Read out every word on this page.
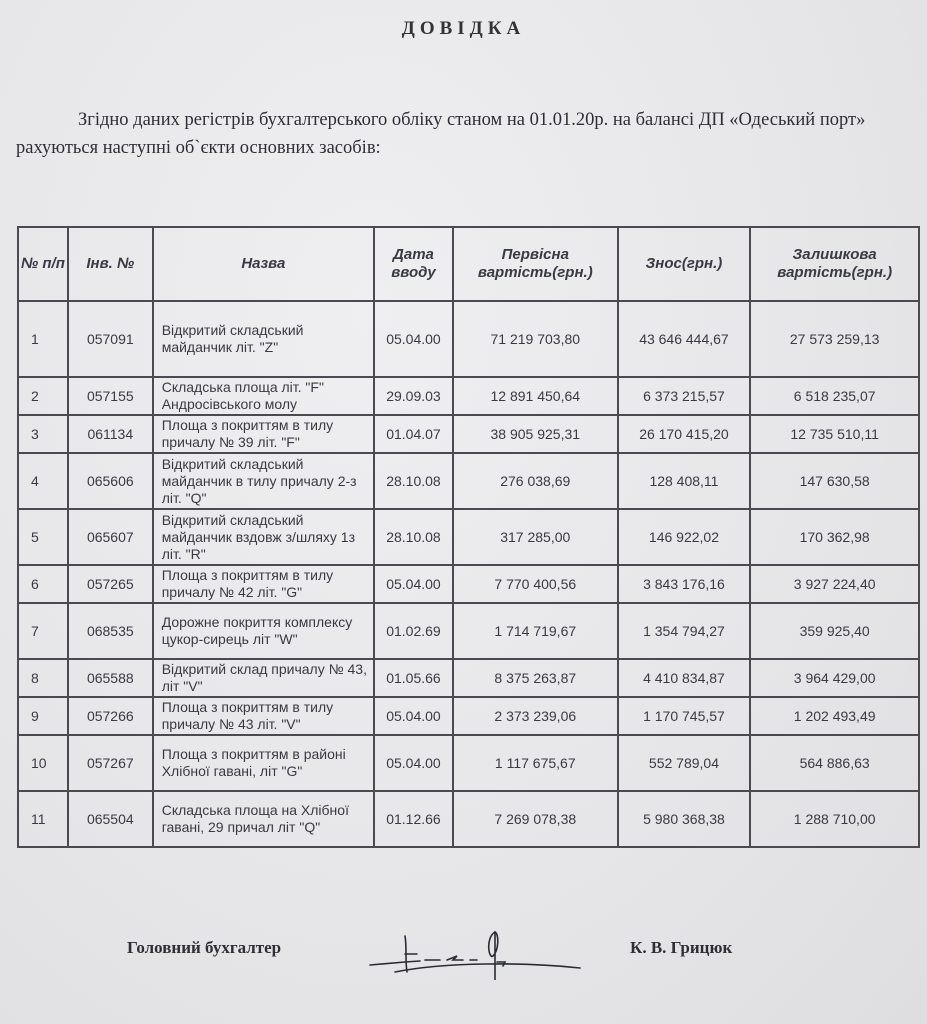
ДОВІДКА
Згідно даних регістрів бухгалтерського обліку станом на 01.01.20р. на балансі ДП «Одеський порт» рахуються наступні об`єкти основних засобів:
№ п/п	Інв. №	Назва	Дата вводу	Первісна вартість(грн.)	Знос(грн.)	Залишкова вартість(грн.)
1	057091	Відкритий складський майданчик літ. "Z"	05.04.00	71 219 703,80	43 646 444,67	27 573 259,13
2	057155	Складська площа літ. "F" Андросівського молу	29.09.03	12 891 450,64	6 373 215,57	6 518 235,07
3	061134	Площа з покриттям в тилу причалу № 39 літ. "F"	01.04.07	38 905 925,31	26 170 415,20	12 735 510,11
4	065606	Відкритий складський майданчик в тилу причалу 2-з літ. "Q"	28.10.08	276 038,69	128 408,11	147 630,58
5	065607	Відкритий складський майданчик вздовж з/шляху 1з літ. "R"	28.10.08	317 285,00	146 922,02	170 362,98
6	057265	Площа з покриттям в тилу причалу № 42 літ. "G"	05.04.00	7 770 400,56	3 843 176,16	3 927 224,40
7	068535	Дорожне покриття комплексу цукор-сирець літ "W"	01.02.69	1 714 719,67	1 354 794,27	359 925,40
8	065588	Відкритий склад причалу № 43, літ "V"	01.05.66	8 375 263,87	4 410 834,87	3 964 429,00
9	057266	Площа з покриттям в тилу причалу № 43 літ. "V"	05.04.00	2 373 239,06	1 170 745,57	1 202 493,49
10	057267	Площа з покриттям в районі Хлібної гавані, літ "G"	05.04.00	1 117 675,67	552 789,04	564 886,63
11	065504	Складська площа на Хлібної гавані, 29 причал літ "Q"	01.12.66	7 269 078,38	5 980 368,38	1 288 710,00
Головний бухгалтер	К. В. Грицюк
